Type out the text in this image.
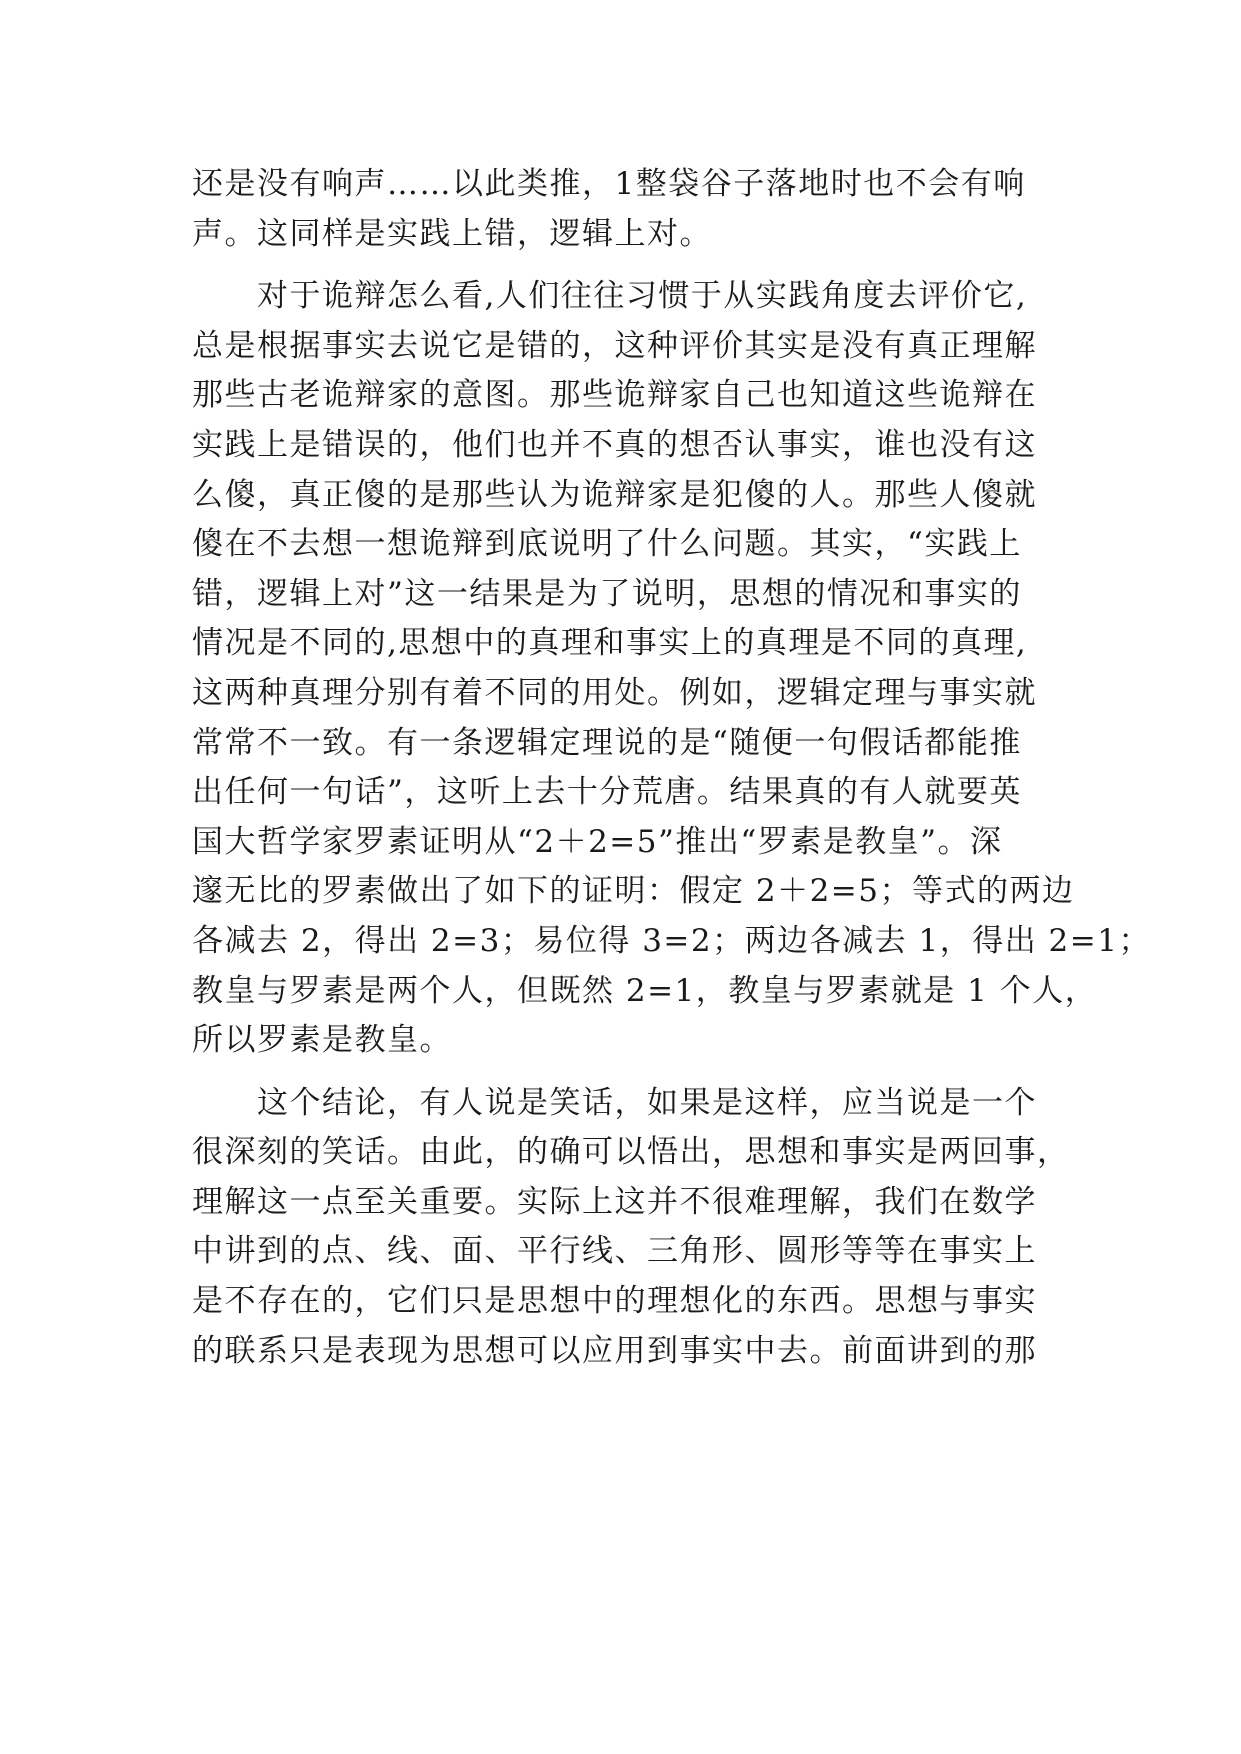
还是没有响声……以此类推，1整袋谷子落地时也不会有响
声。这同样是实践上错，逻辑上对。
　　对于诡辩怎么看,人们往往习惯于从实践角度去评价它,
总是根据事实去说它是错的，这种评价其实是没有真正理解
那些古老诡辩家的意图。那些诡辩家自己也知道这些诡辩在
实践上是错误的，他们也并不真的想否认事实，谁也没有这
么傻，真正傻的是那些认为诡辩家是犯傻的人。那些人傻就
傻在不去想一想诡辩到底说明了什么问题。其实，“实践上
错，逻辑上对”这一结果是为了说明，思想的情况和事实的
情况是不同的,思想中的真理和事实上的真理是不同的真理,
这两种真理分别有着不同的用处。例如，逻辑定理与事实就
常常不一致。有一条逻辑定理说的是“随便一句假话都能推
出任何一句话”，这听上去十分荒唐。结果真的有人就要英
国大哲学家罗素证明从“2＋2=5”推出“罗素是教皇”。深
邃无比的罗素做出了如下的证明：假定 2＋2=5；等式的两边
各减去 2，得出 2=3；易位得 3=2；两边各减去 1，得出 2=1；
教皇与罗素是两个人，但既然 2=1，教皇与罗素就是 1 个人，
所以罗素是教皇。
　　这个结论，有人说是笑话，如果是这样，应当说是一个
很深刻的笑话。由此，的确可以悟出，思想和事实是两回事，
理解这一点至关重要。实际上这并不很难理解，我们在数学
中讲到的点、线、面、平行线、三角形、圆形等等在事实上
是不存在的，它们只是思想中的理想化的东西。思想与事实
的联系只是表现为思想可以应用到事实中去。前面讲到的那
